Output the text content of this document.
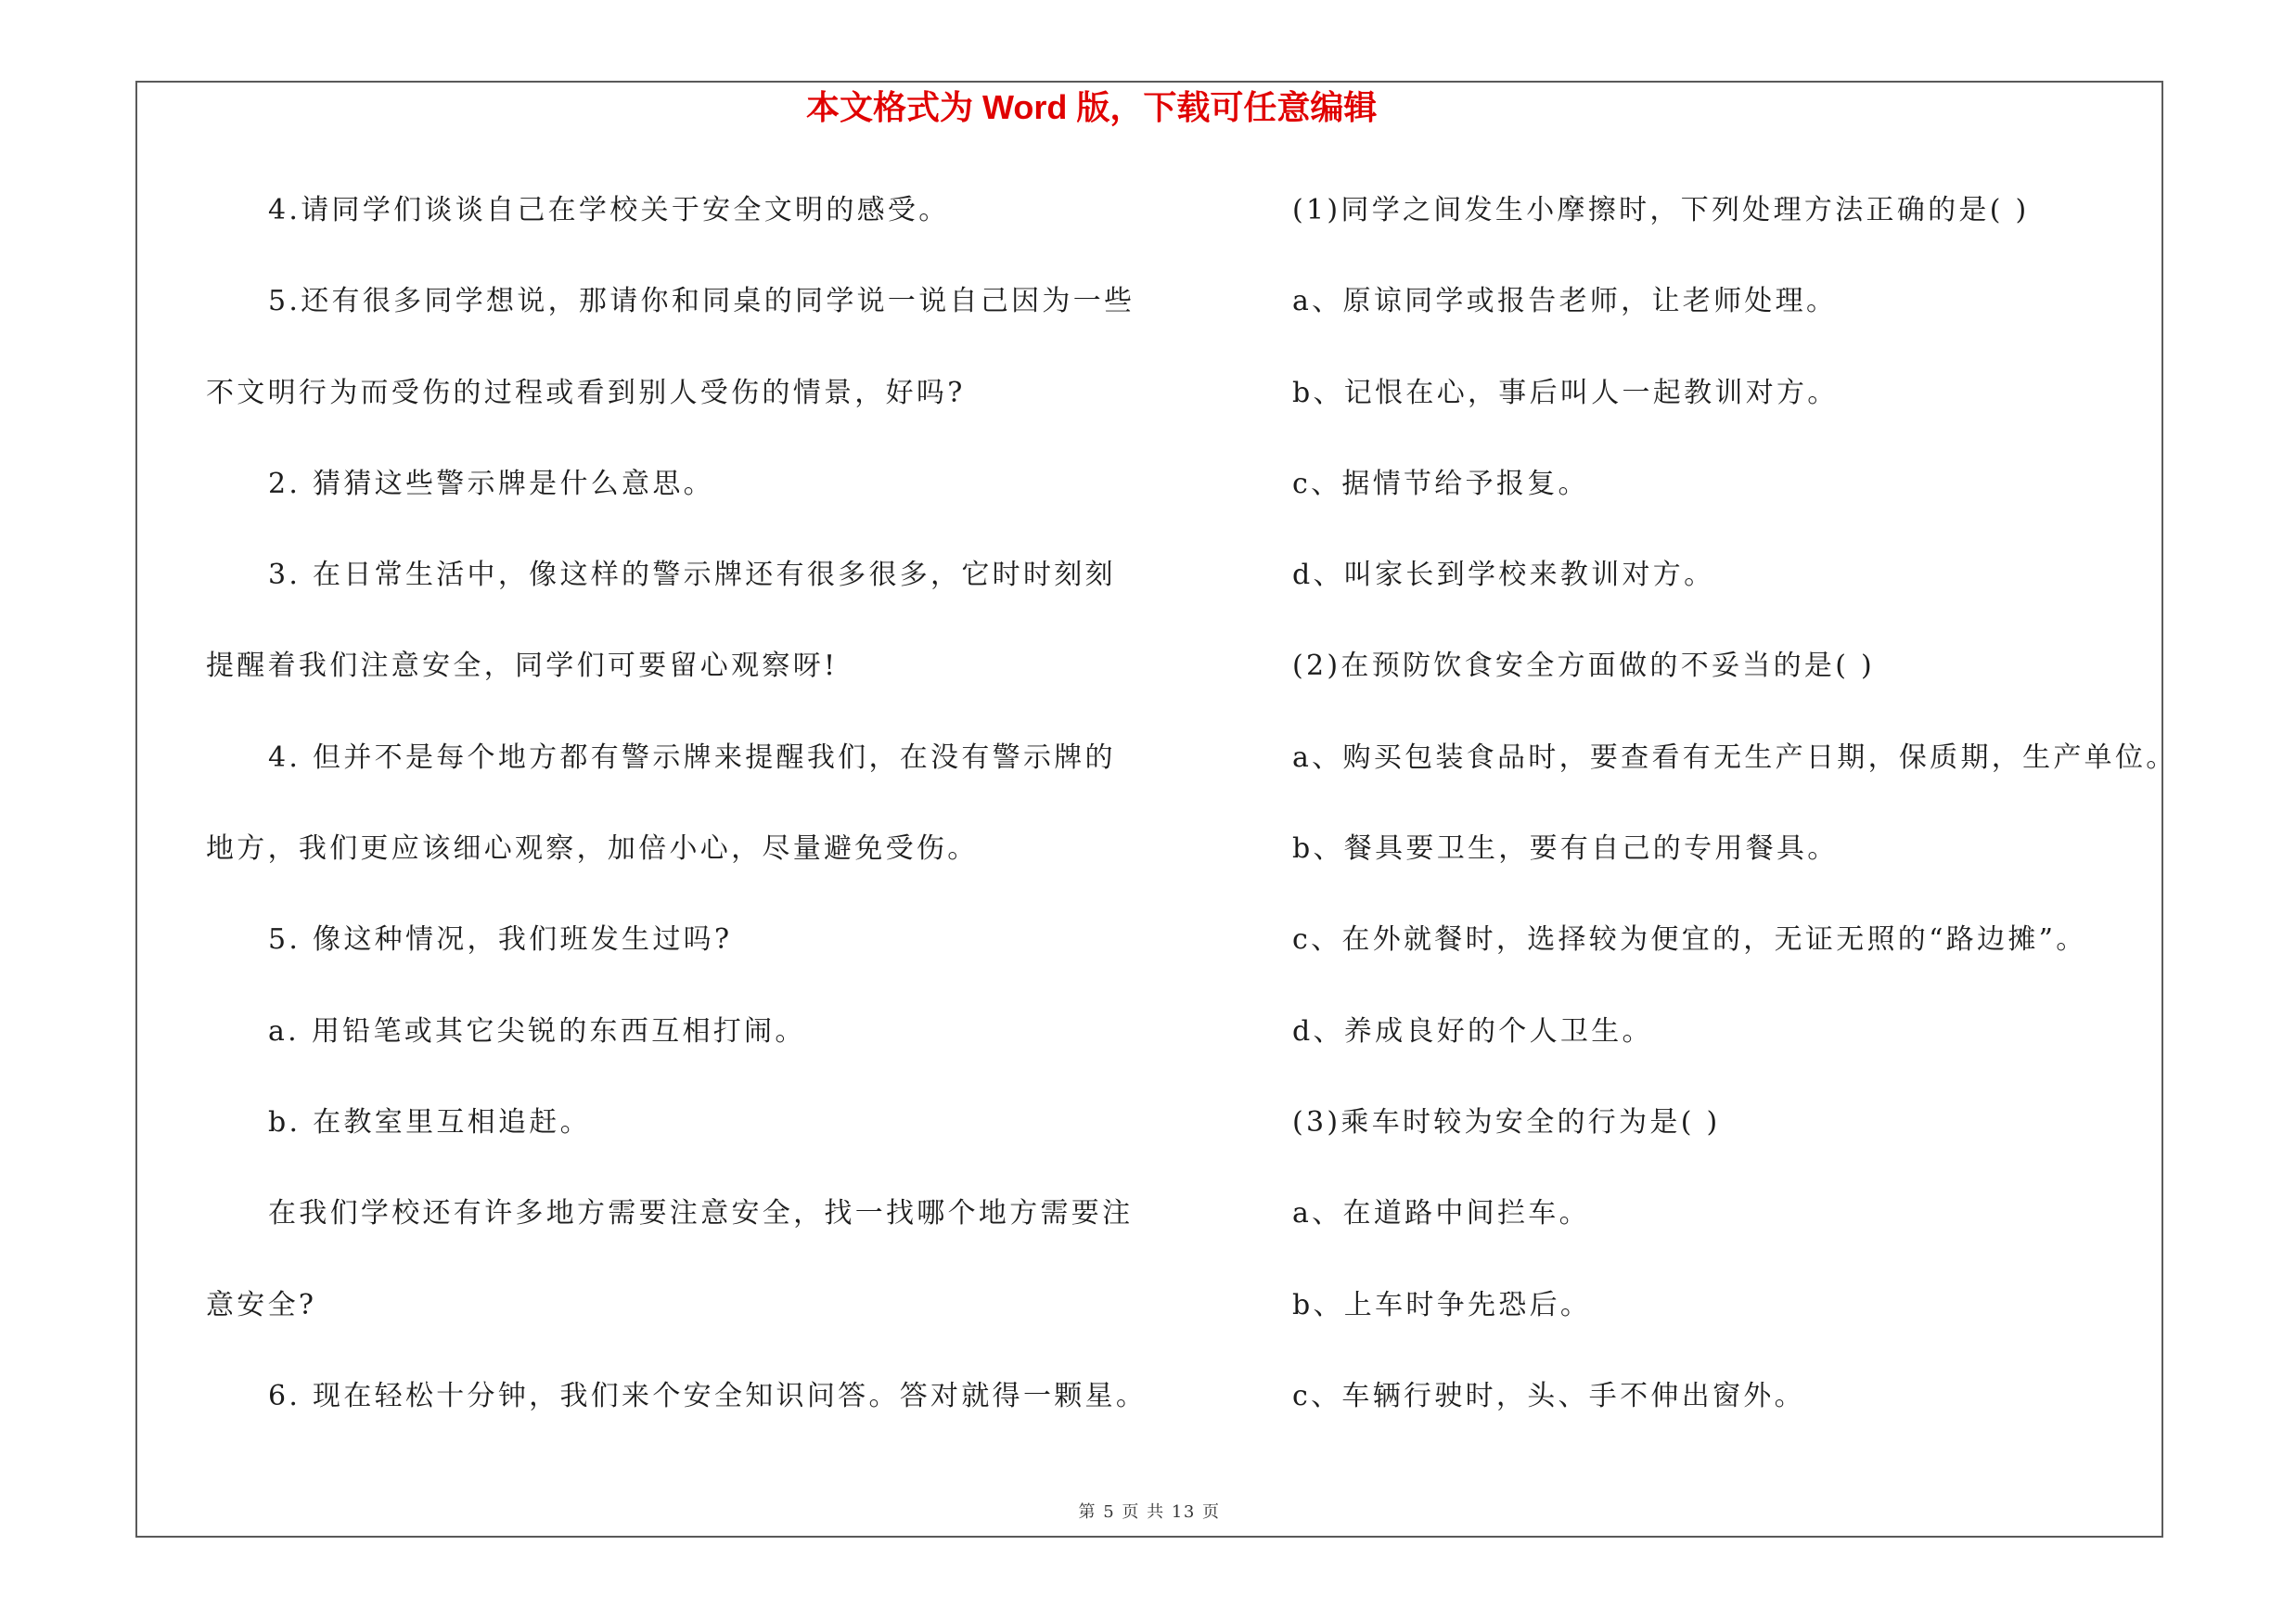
本文格式为 Word 版，下载可任意编辑
4.请同学们谈谈自己在学校关于安全文明的感受。
5.还有很多同学想说，那请你和同桌的同学说一说自己因为一些
不文明行为而受伤的过程或看到别人受伤的情景，好吗?
2. 猜猜这些警示牌是什么意思。
3. 在日常生活中，像这样的警示牌还有很多很多，它时时刻刻
提醒着我们注意安全，同学们可要留心观察呀!
4. 但并不是每个地方都有警示牌来提醒我们，在没有警示牌的
地方，我们更应该细心观察，加倍小心，尽量避免受伤。
5. 像这种情况，我们班发生过吗?
a. 用铅笔或其它尖锐的东西互相打闹。
b. 在教室里互相追赶。
在我们学校还有许多地方需要注意安全，找一找哪个地方需要注
意安全?
6. 现在轻松十分钟，我们来个安全知识问答。答对就得一颗星。
(1)同学之间发生小摩擦时，下列处理方法正确的是( )
a、原谅同学或报告老师，让老师处理。
b、记恨在心，事后叫人一起教训对方。
c、据情节给予报复。
d、叫家长到学校来教训对方。
(2)在预防饮食安全方面做的不妥当的是( )
a、购买包装食品时，要查看有无生产日期，保质期，生产单位。
b、餐具要卫生，要有自己的专用餐具。
c、在外就餐时，选择较为便宜的，无证无照的“路边摊”。
d、养成良好的个人卫生。
(3)乘车时较为安全的行为是( )
a、在道路中间拦车。
b、上车时争先恐后。
c、车辆行驶时，头、手不伸出窗外。
第 5 页 共 13 页
